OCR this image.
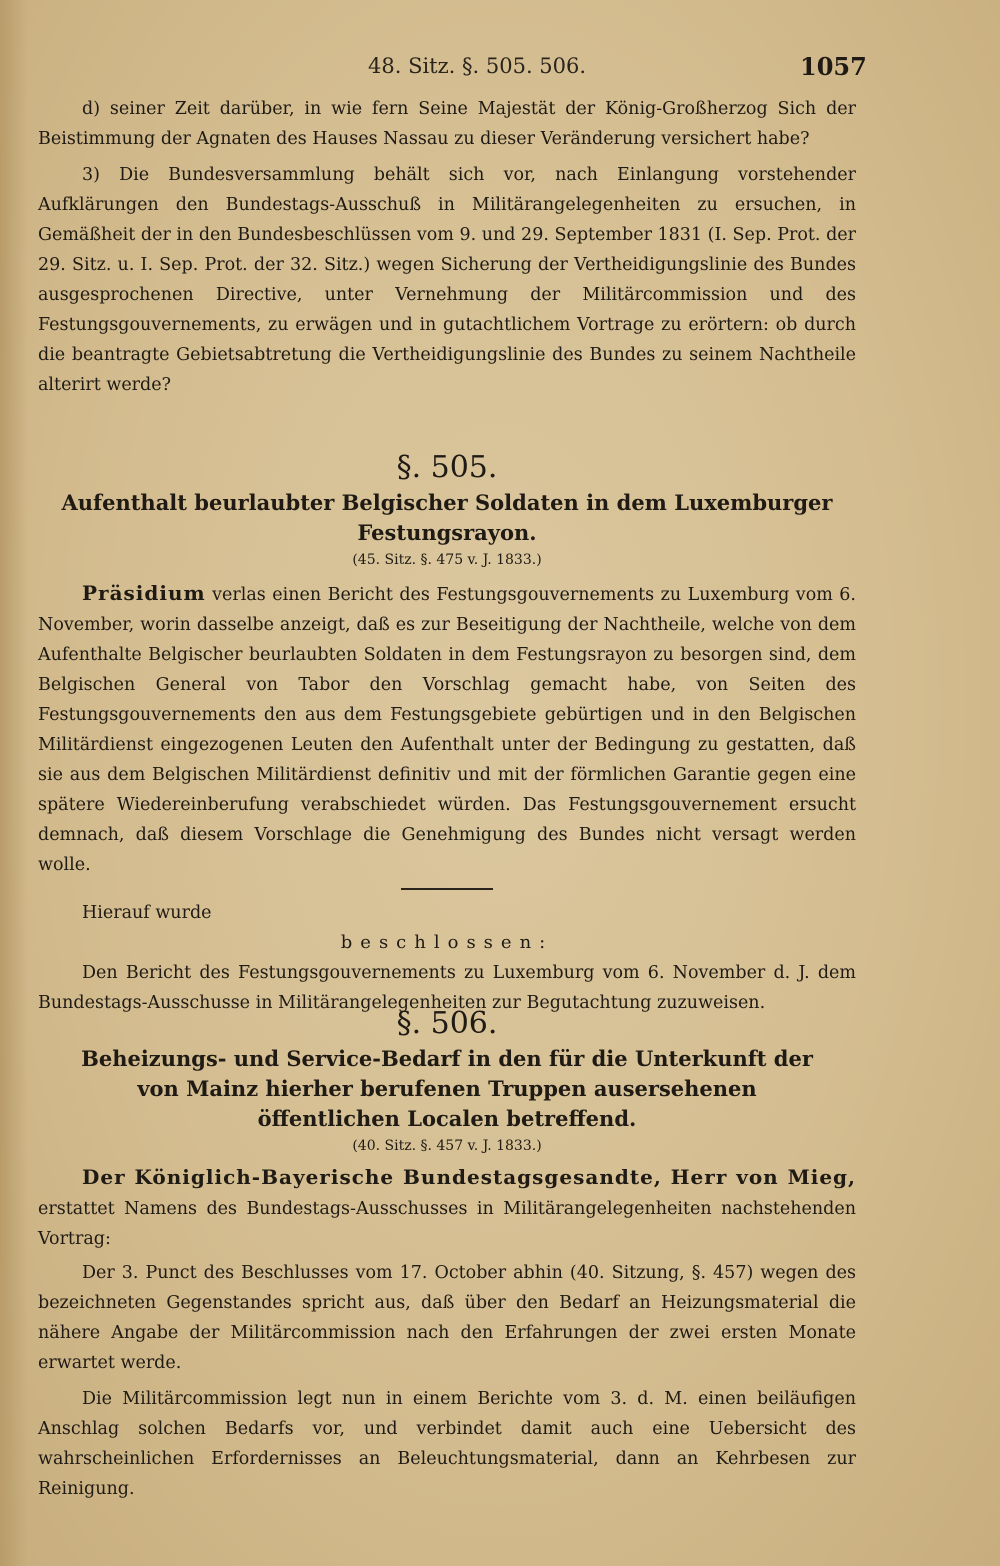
48. Sitz. §. 505. 506.	1057

d) seiner Zeit darüber, in wie fern Seine Majestät der König-Großherzog Sich der Beistimmung der Agnaten des Hauses Nassau zu dieser Veränderung versichert habe?

3) Die Bundesversammlung behält sich vor, nach Einlangung vorstehender Aufklärungen den Bundestags-Ausschuß in Militärangelegenheiten zu ersuchen, in Gemäßheit der in den Bundesbeschlüssen vom 9. und 29. September 1831 (I. Sep. Prot. der 29. Sitz. u. I. Sep. Prot. der 32. Sitz.) wegen Sicherung der Vertheidigungslinie des Bundes ausgesprochenen Directive, unter Vernehmung der Militärcommission und des Festungsgouvernements, zu erwägen und in gutachtlichem Vortrage zu erörtern: ob durch die beantragte Gebietsabtretung die Vertheidigungslinie des Bundes zu seinem Nachtheile alterirt werde?

§. 505.

Aufenthalt beurlaubter Belgischer Soldaten in dem Luxemburger Festungsrayon.

(45. Sitz. §. 475 v. J. 1833.)

Präsidium verlas einen Bericht des Festungsgouvernements zu Luxemburg vom 6. November, worin dasselbe anzeigt, daß es zur Beseitigung der Nachtheile, welche von dem Aufenthalte Belgischer beurlaubten Soldaten in dem Festungsrayon zu besorgen sind, dem Belgischen General von Tabor den Vorschlag gemacht habe, von Seiten des Festungsgouvernements den aus dem Festungsgebiete gebürtigen und in den Belgischen Militärdienst eingezogenen Leuten den Aufenthalt unter der Bedingung zu gestatten, daß sie aus dem Belgischen Militärdienst definitiv und mit der förmlichen Garantie gegen eine spätere Wiedereinberufung verabschiedet würden. Das Festungsgouvernement ersucht demnach, daß diesem Vorschlage die Genehmigung des Bundes nicht versagt werden wolle.

Hierauf wurde

beschlossen:

Den Bericht des Festungsgouvernements zu Luxemburg vom 6. November d. J. dem Bundestags-Ausschusse in Militärangelegenheiten zur Begutachtung zuzuweisen.

§. 506.

Beheizungs- und Service-Bedarf in den für die Unterkunft der von Mainz hierher berufenen Truppen ausersehenen öffentlichen Localen betreffend.

(40. Sitz. §. 457 v. J. 1833.)

Der Königlich-Bayerische Bundestagsgesandte, Herr von Mieg, erstattet Namens des Bundestags-Ausschusses in Militärangelegenheiten nachstehenden Vortrag:

Der 3. Punct des Beschlusses vom 17. October abhin (40. Sitzung, §. 457) wegen des bezeichneten Gegenstandes spricht aus, daß über den Bedarf an Heizungsmaterial die nähere Angabe der Militärcommission nach den Erfahrungen der zwei ersten Monate erwartet werde.

Die Militärcommission legt nun in einem Berichte vom 3. d. M. einen beiläufigen Anschlag solchen Bedarfs vor, und verbindet damit auch eine Uebersicht des wahrscheinlichen Erfordernisses an Beleuchtungsmaterial, dann an Kehrbesen zur Reinigung.
